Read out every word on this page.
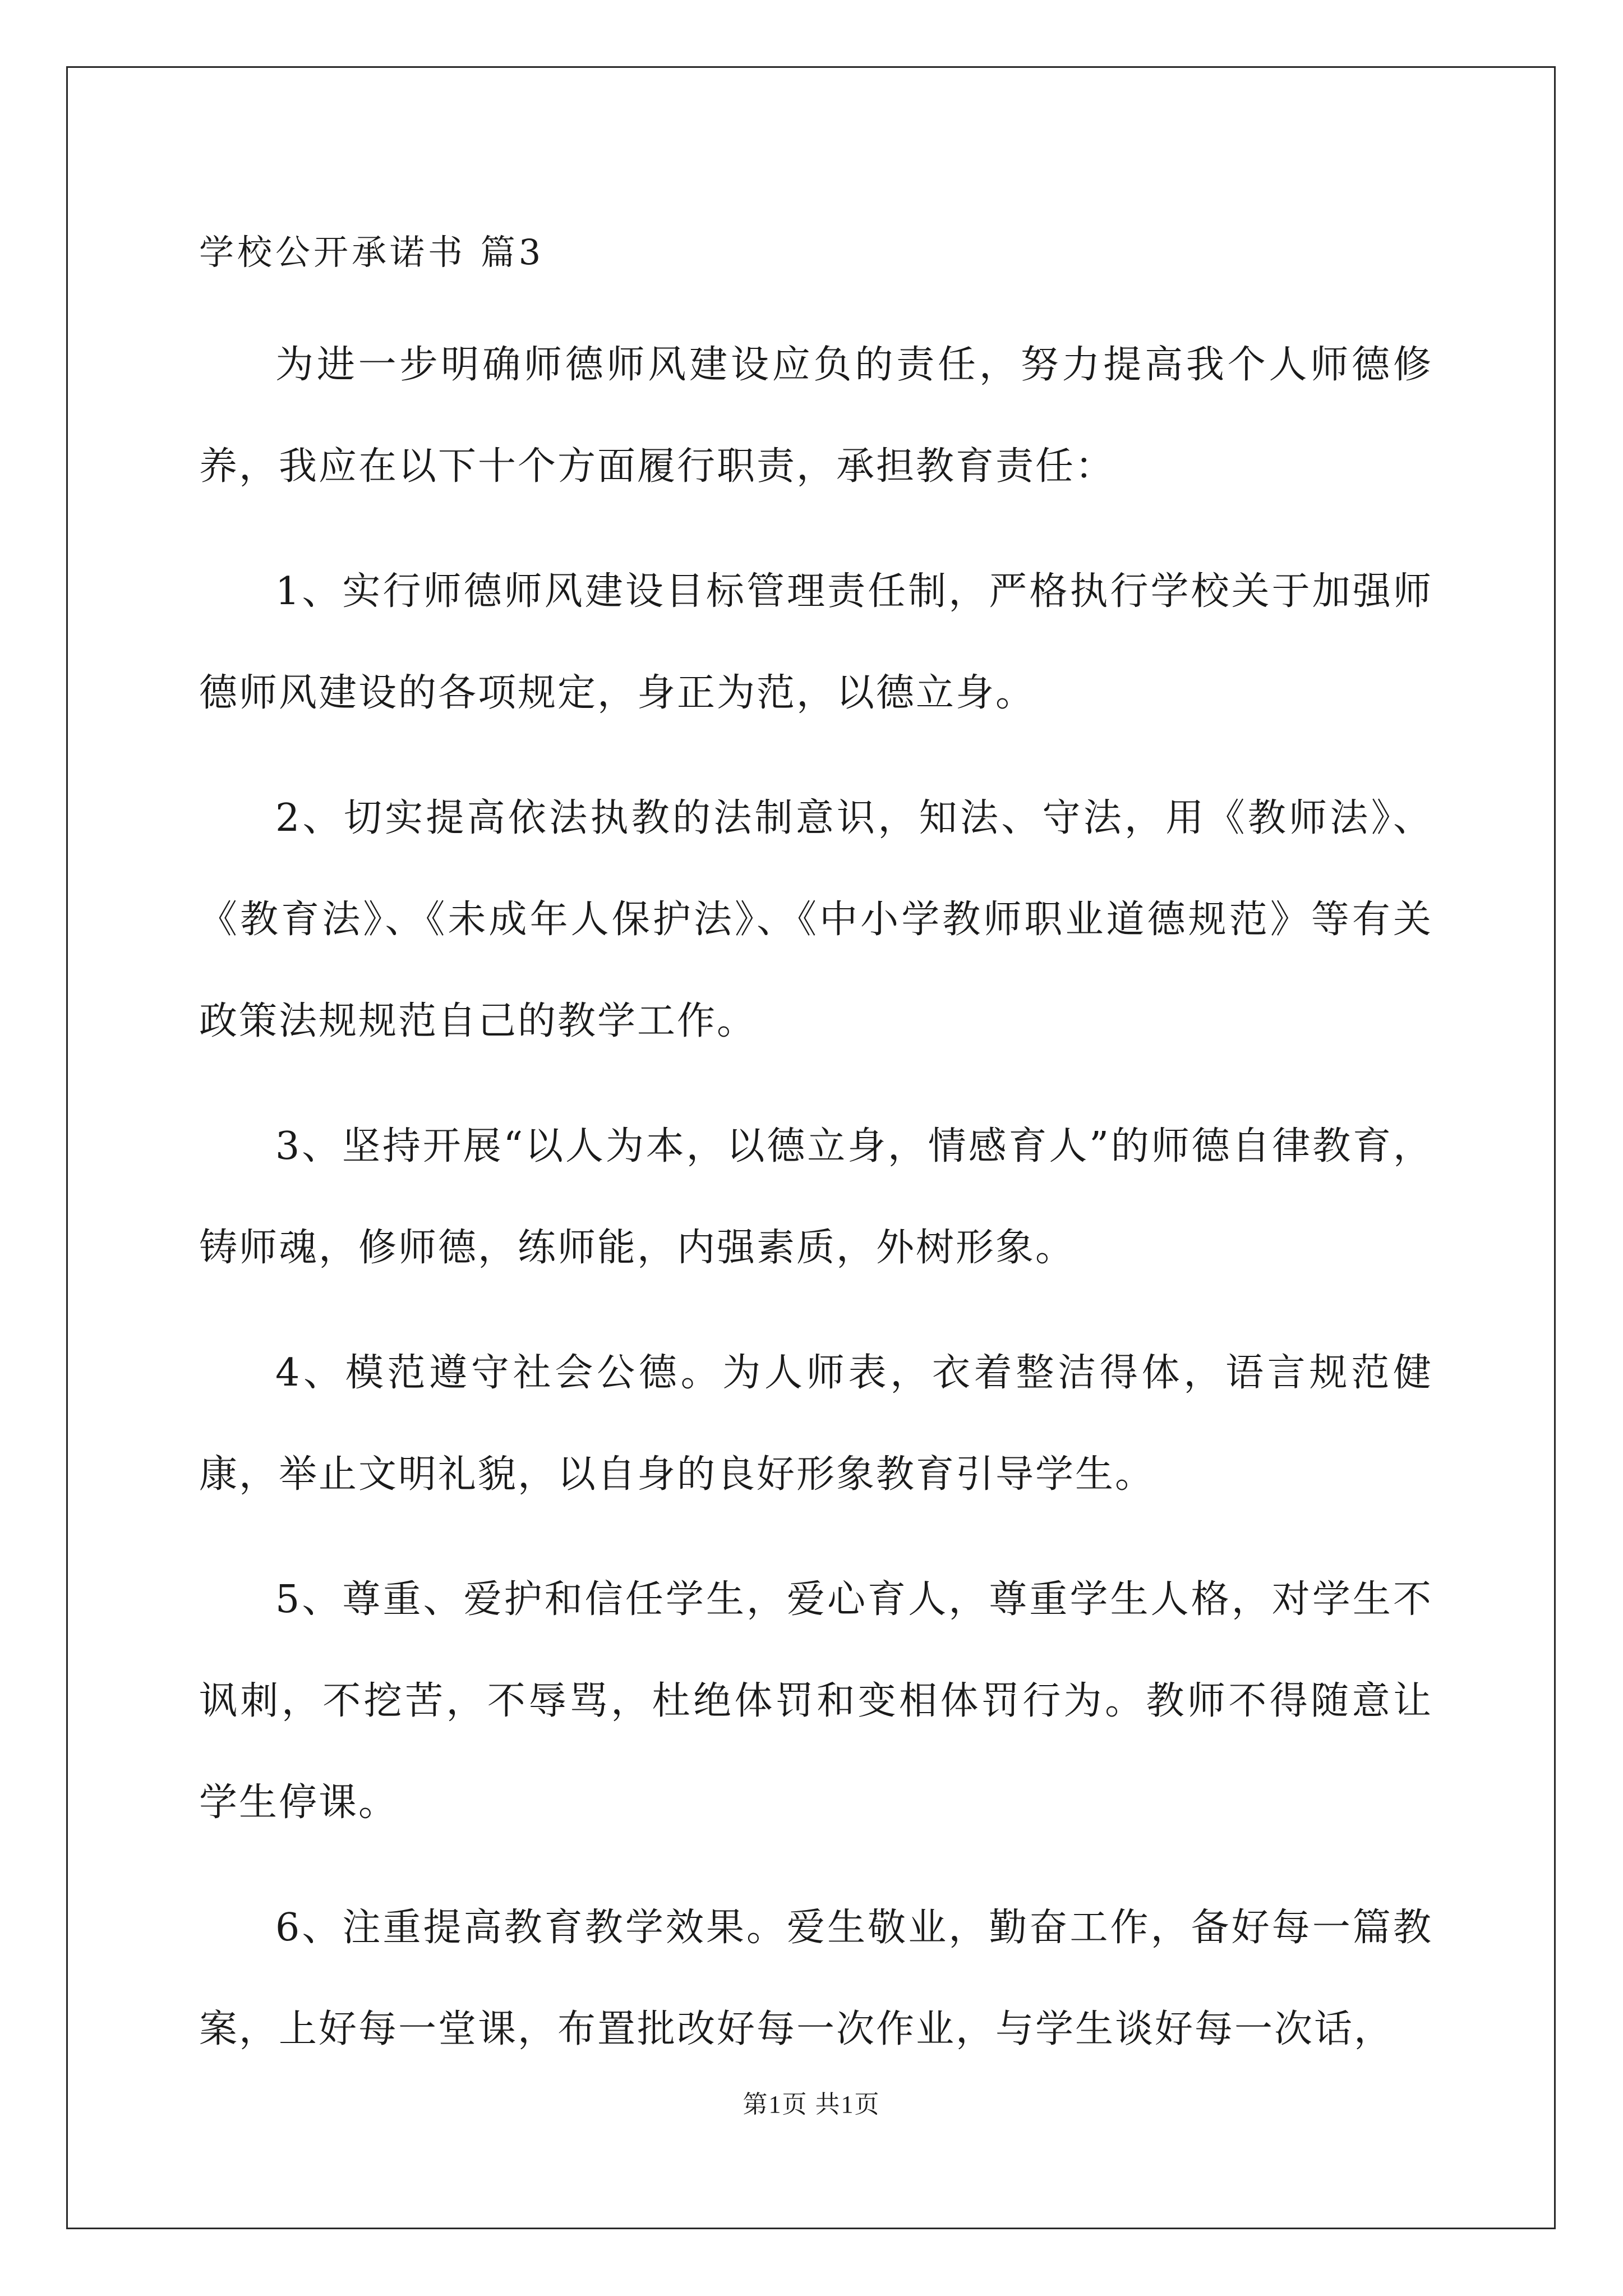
学校公开承诺书 篇3

为进一步明确师德师风建设应负的责任，努力提高我个人师德修养，我应在以下十个方面履行职责，承担教育责任：

1、实行师德师风建设目标管理责任制，严格执行学校关于加强师德师风建设的各项规定，身正为范，以德立身。

2、切实提高依法执教的法制意识，知法、守法，用《教师法》、《教育法》、《未成年人保护法》、《中小学教师职业道德规范》等有关政策法规规范自己的教学工作。

3、坚持开展“以人为本，以德立身，情感育人”的师德自律教育，铸师魂，修师德，练师能，内强素质，外树形象。

4、模范遵守社会公德。为人师表，衣着整洁得体，语言规范健康，举止文明礼貌，以自身的良好形象教育引导学生。

5、尊重、爱护和信任学生，爱心育人，尊重学生人格，对学生不讽刺，不挖苦，不辱骂，杜绝体罚和变相体罚行为。教师不得随意让学生停课。

6、注重提高教育教学效果。爱生敬业，勤奋工作，备好每一篇教案，上好每一堂课，布置批改好每一次作业，与学生谈好每一次话，

第1页 共1页
